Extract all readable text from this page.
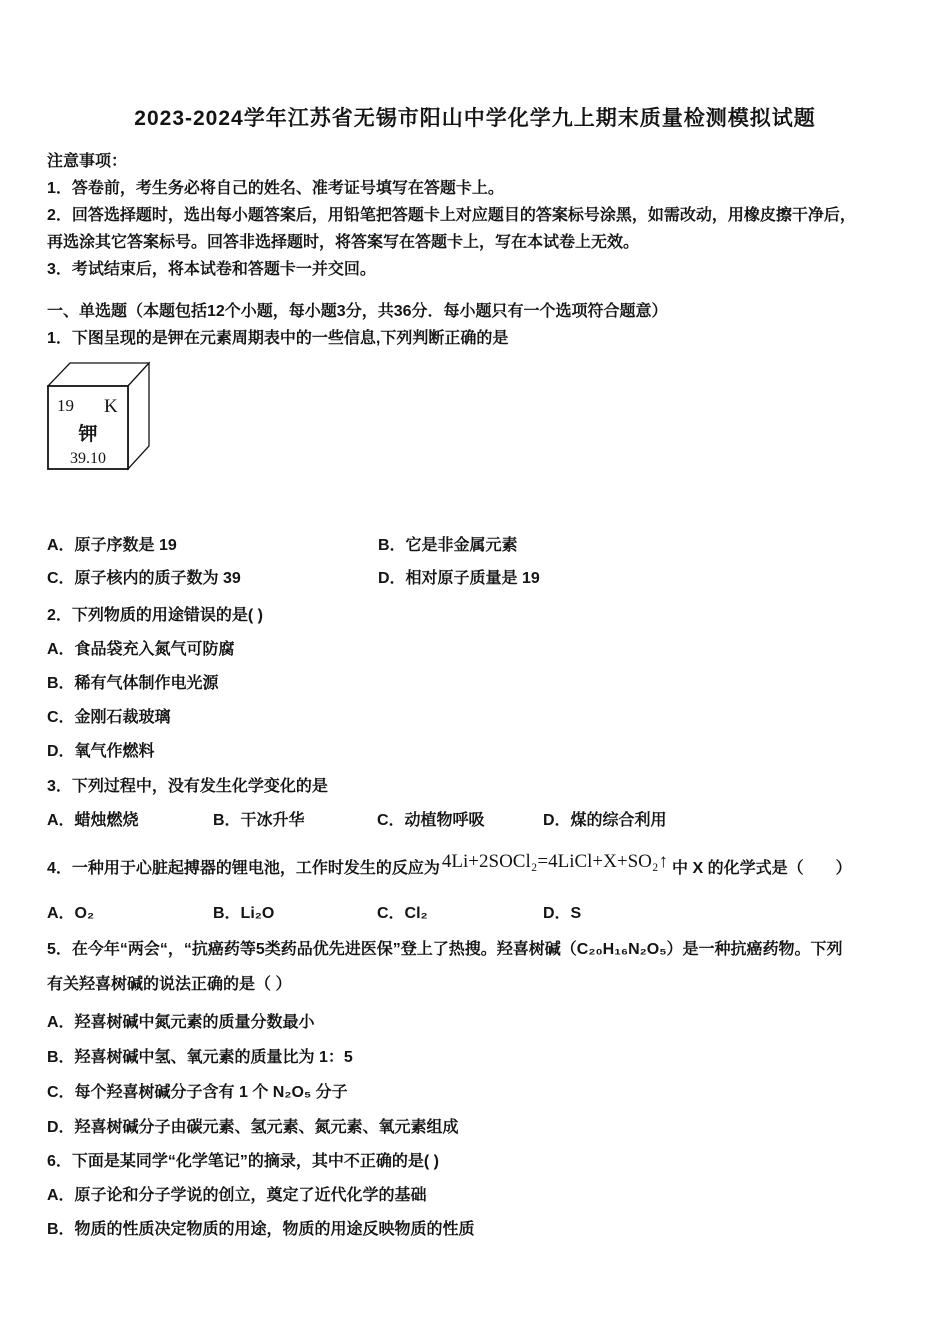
2023-2024学年江苏省无锡市阳山中学化学九上期末质量检测模拟试题
注意事项：
1．答卷前，考生务必将自己的姓名、准考证号填写在答题卡上。
2．回答选择题时，选出每小题答案后，用铅笔把答题卡上对应题目的答案标号涂黑，如需改动，用橡皮擦干净后，
再选涂其它答案标号。回答非选择题时，将答案写在答题卡上，写在本试卷上无效。
3．考试结束后，将本试卷和答题卡一并交回。
一、单选题（本题包括12个小题，每小题3分，共36分．每小题只有一个选项符合题意）
1．下图呈现的是钾在元素周期表中的一些信息,下列判断正确的是
19 K
钾
39.10
A．原子序数是 19	B．它是非金属元素
C．原子核内的质子数为 39	D．相对原子质量是 19
2．下列物质的用途错误的是( )
A．食品袋充入氮气可防腐
B．稀有气体制作电光源
C．金刚石裁玻璃
D．氧气作燃料
3．下列过程中，没有发生化学变化的是
A．蜡烛燃烧	B．干冰升华	C．动植物呼吸	D．煤的综合利用
4．一种用于心脏起搏器的锂电池，工作时发生的反应为 4Li+2SOCl₂=4LiCl+X+SO₂↑ 中 X 的化学式是（　　）
A．O₂	B．Li₂O	C．Cl₂	D．S
5．在今年“两会“，“抗癌药等5类药品优先进医保”登上了热搜。羟喜树碱（C₂₀H₁₆N₂O₅）是一种抗癌药物。下列
有关羟喜树碱的说法正确的是（ ）
A．羟喜树碱中氮元素的质量分数最小
B．羟喜树碱中氢、氧元素的质量比为 1：5
C．每个羟喜树碱分子含有 1 个 N₂O₅ 分子
D．羟喜树碱分子由碳元素、氢元素、氮元素、氧元素组成
6．下面是某同学“化学笔记”的摘录，其中不正确的是( )
A．原子论和分子学说的创立，奠定了近代化学的基础
B．物质的性质决定物质的用途，物质的用途反映物质的性质
